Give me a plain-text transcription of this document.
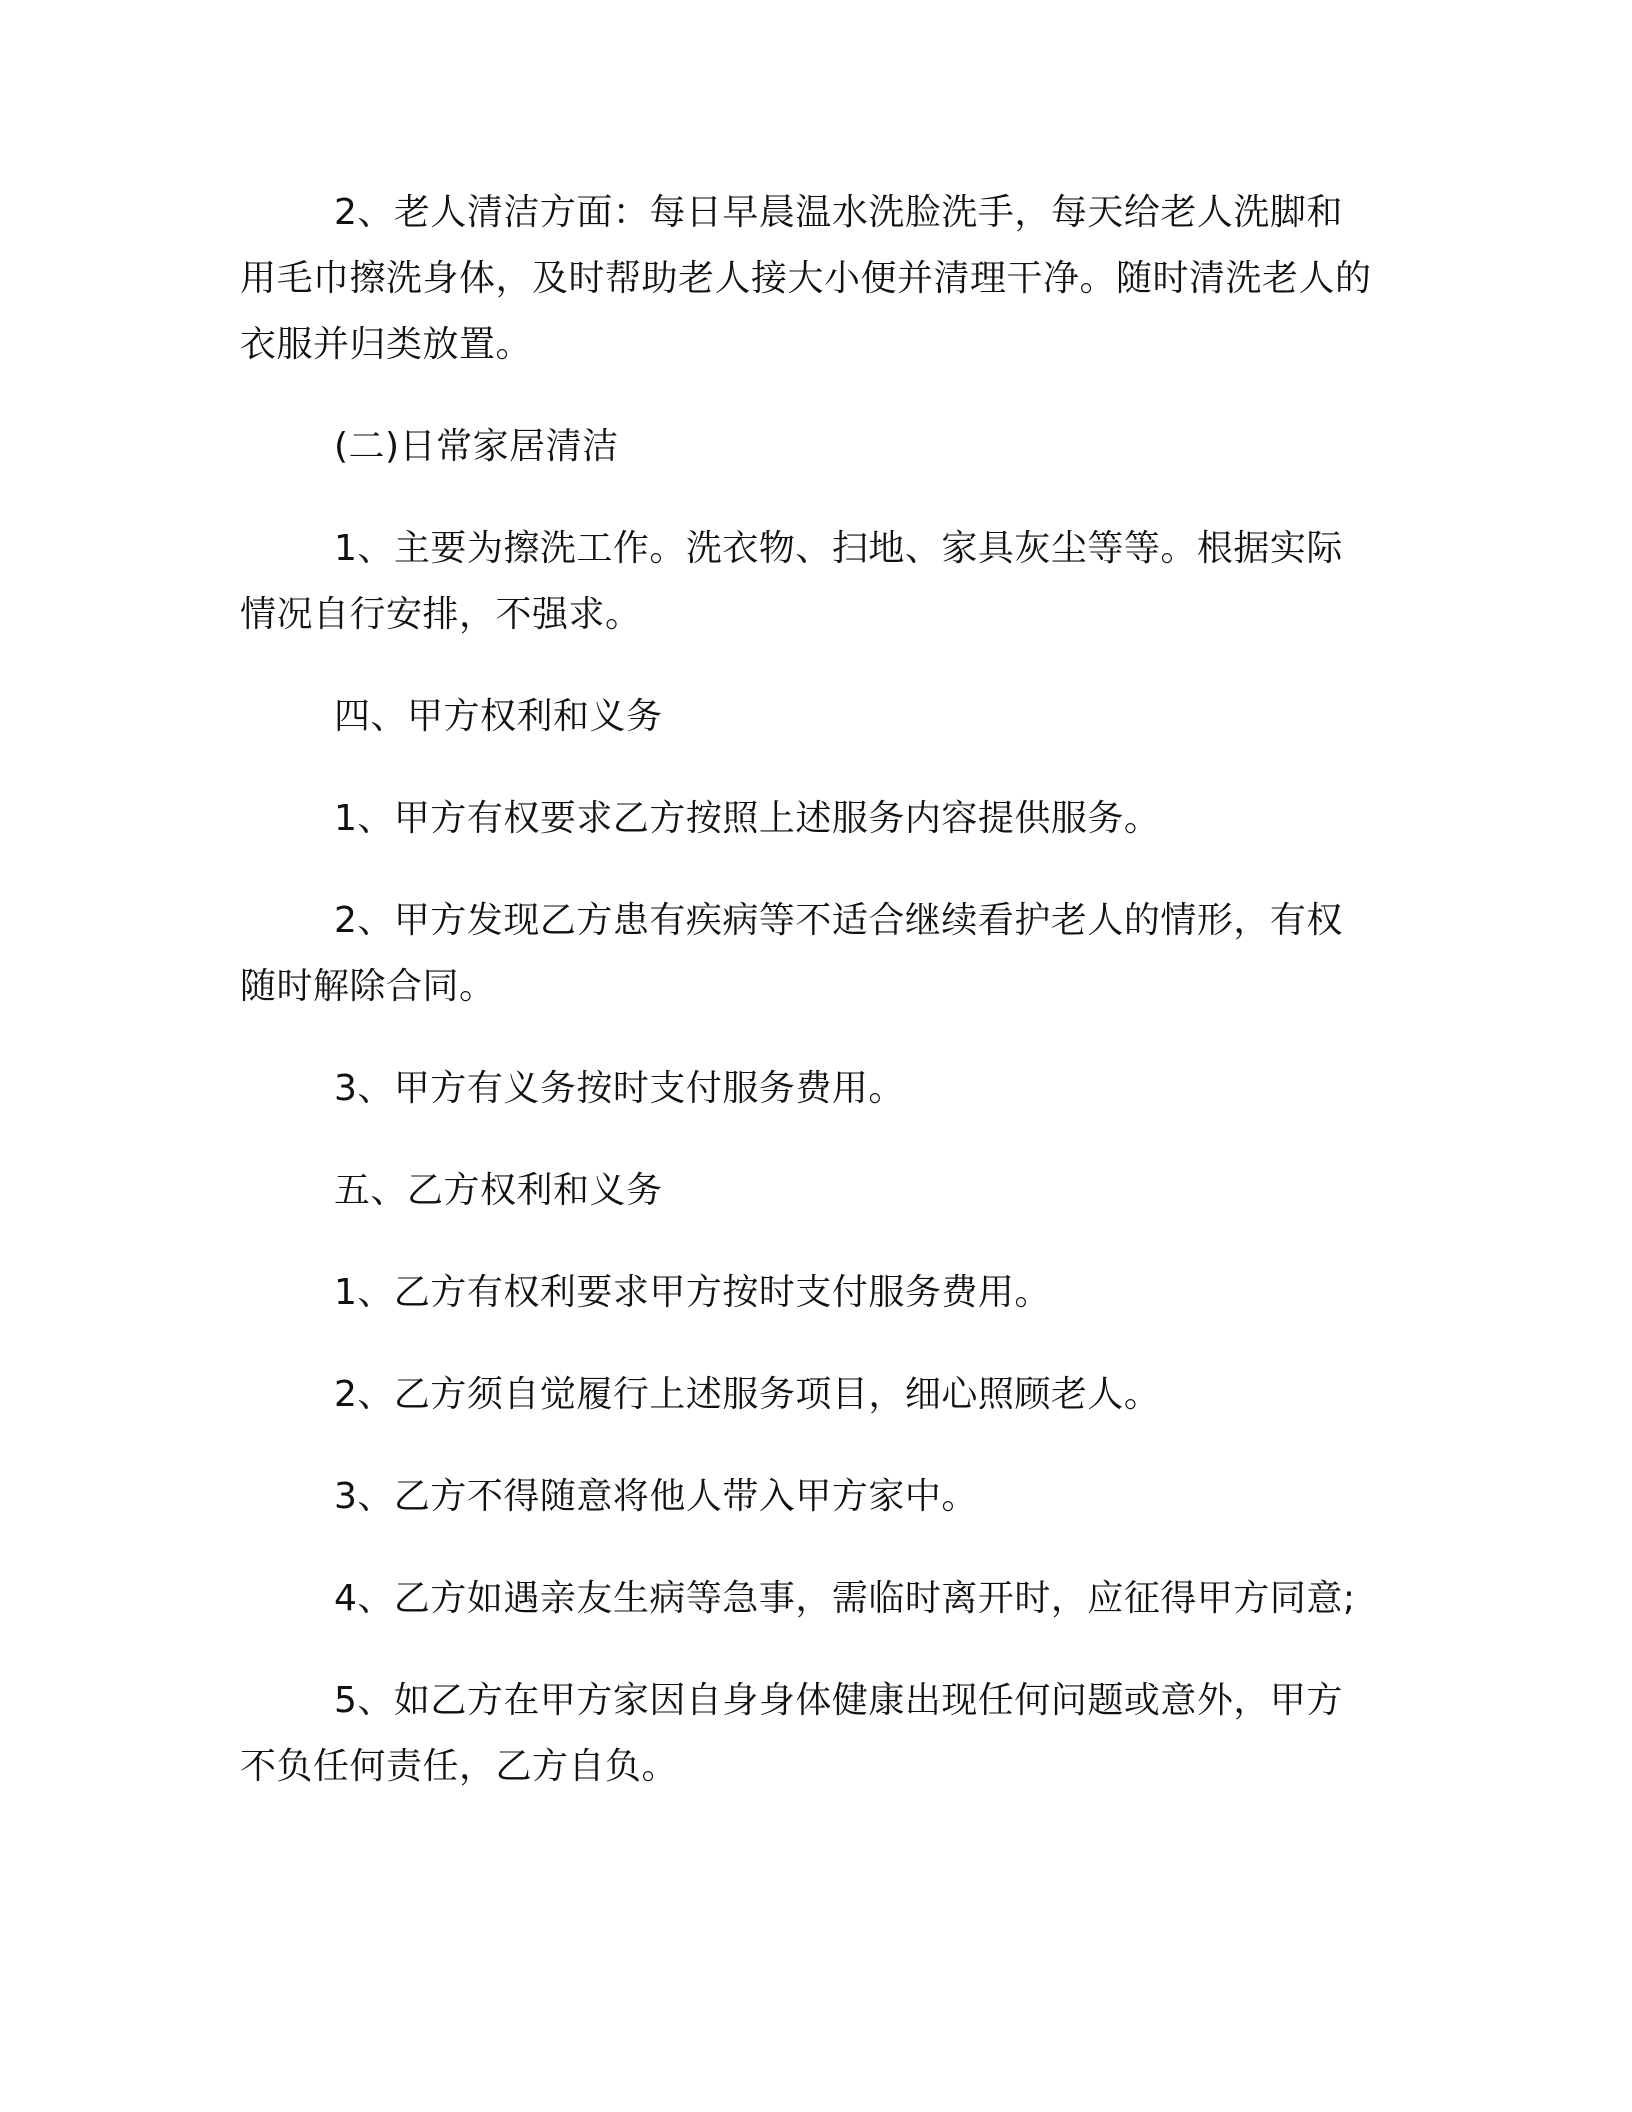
2、老人清洁方面：每日早晨温水洗脸洗手，每天给老人洗脚和用毛巾擦洗身体，及时帮助老人接大小便并清理干净。随时清洗老人的衣服并归类放置。

(二)日常家居清洁

1、主要为擦洗工作。洗衣物、扫地、家具灰尘等等。根据实际情况自行安排，不强求。

四、甲方权利和义务

1、甲方有权要求乙方按照上述服务内容提供服务。

2、甲方发现乙方患有疾病等不适合继续看护老人的情形，有权随时解除合同。

3、甲方有义务按时支付服务费用。

五、乙方权利和义务

1、乙方有权利要求甲方按时支付服务费用。

2、乙方须自觉履行上述服务项目，细心照顾老人。

3、乙方不得随意将他人带入甲方家中。

4、乙方如遇亲友生病等急事，需临时离开时，应征得甲方同意;

5、如乙方在甲方家因自身身体健康出现任何问题或意外，甲方不负任何责任，乙方自负。
